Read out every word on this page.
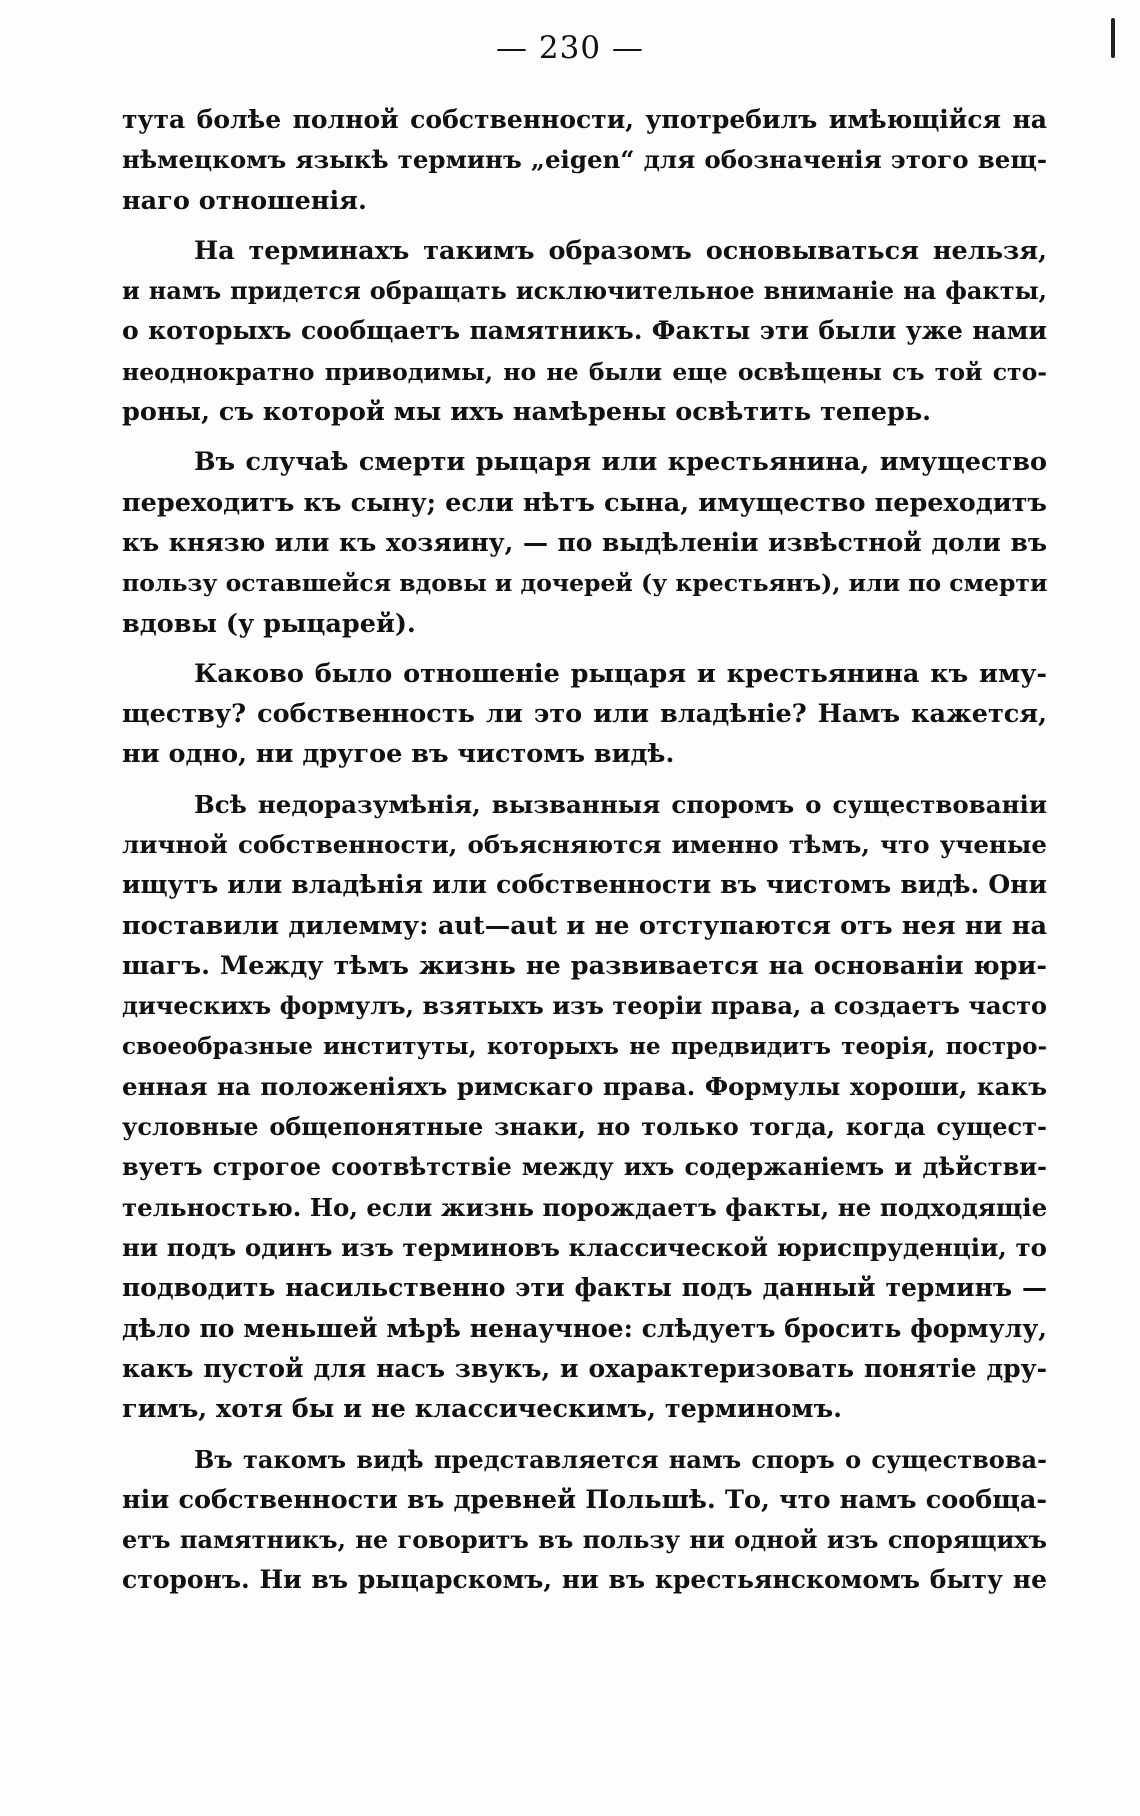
— 230 —
тута болѣе полной собственности, употребилъ имѣющійся на
нѣмецкомъ языкѣ терминъ „eigen“ для обозначенія этого вещ-
наго отношенія.
На терминахъ такимъ образомъ основываться нельзя,
и намъ придется обращать исключительное вниманіе на факты,
о которыхъ сообщаетъ памятникъ. Факты эти были уже нами
неоднократно приводимы, но не были еще освѣщены съ той сто-
роны, съ которой мы ихъ намѣрены освѣтить теперь.
Въ случаѣ смерти рыцаря или крестьянина, имущество
переходитъ къ сыну; если нѣтъ сына, имущество переходитъ
къ князю или къ хозяину, — по выдѣленіи извѣстной доли въ
пользу оставшейся вдовы и дочерей (у крестьянъ), или по смерти
вдовы (у рыцарей).
Каково было отношеніе рыцаря и крестьянина къ иму-
ществу? собственность ли это или владѣніе? Намъ кажется,
ни одно, ни другое въ чистомъ видѣ.
Всѣ недоразумѣнія, вызванныя споромъ о существованіи
личной собственности, объясняются именно тѣмъ, что ученые
ищутъ или владѣнія или собственности въ чистомъ видѣ. Они
поставили дилемму: aut—aut и не отступаются отъ нея ни на
шагъ. Между тѣмъ жизнь не развивается на основаніи юри-
дическихъ формулъ, взятыхъ изъ теоріи права, а создаетъ часто
своеобразные институты, которыхъ не предвидитъ теорія, постро-
енная на положеніяхъ римскаго права. Формулы хороши, какъ
условные общепонятные знаки, но только тогда, когда сущест-
вуетъ строгое соотвѣтствіе между ихъ содержаніемъ и дѣйстви-
тельностью. Но, если жизнь порождаетъ факты, не подходящіе
ни подъ одинъ изъ терминовъ классической юриспруденціи, то
подводить насильственно эти факты подъ данный терминъ —
дѣло по меньшей мѣрѣ ненаучное: слѣдуетъ бросить формулу,
какъ пустой для насъ звукъ, и охарактеризовать понятіе дру-
гимъ, хотя бы и не классическимъ, терминомъ.
Въ такомъ видѣ представляется намъ споръ о существова-
ніи собственности въ древней Польшѣ. То, что намъ сообща-
етъ памятникъ, не говоритъ въ пользу ни одной изъ спорящихъ
сторонъ. Ни въ рыцарскомъ, ни въ крестьянскомомъ быту не
